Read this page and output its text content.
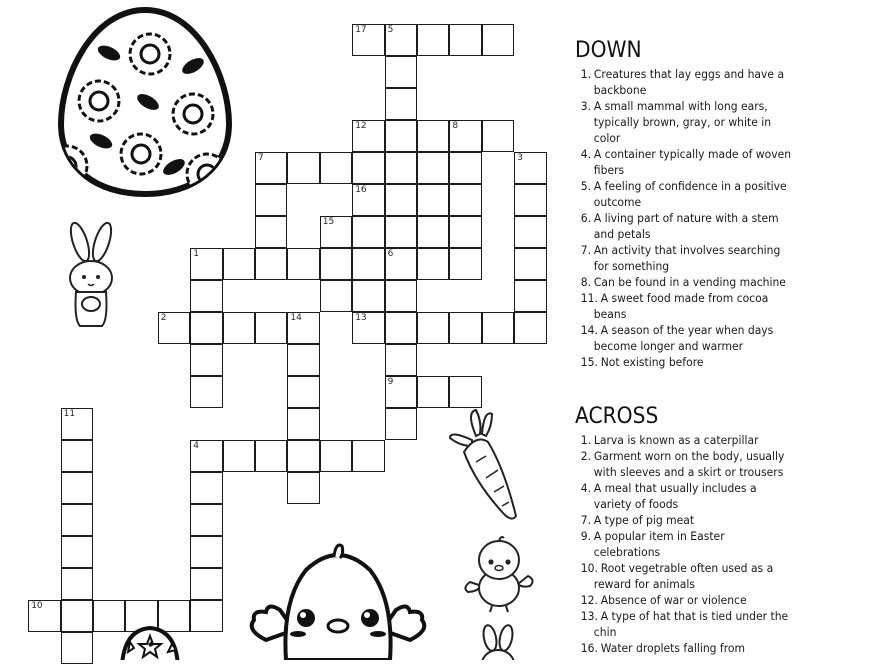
17 5
12	8
7	3
16
15
1	6
2	14	13
9
11
4
10
DOWN
1. Creatures that lay eggs and have a backbone
3. A small mammal with long ears, typically brown, gray, or white in color
4. A container typically made of woven fibers
5. A feeling of confidence in a positive outcome
6. A living part of nature with a stem and petals
7. An activity that involves searching for something
8. Can be found in a vending machine
11. A sweet food made from cocoa beans
14. A season of the year when days become longer and warmer
15. Not existing before
ACROSS
1. Larva is known as a caterpillar
2. Garment worn on the body, usually with sleeves and a skirt or trousers
4. A meal that usually includes a variety of foods
7. A type of pig meat
9. A popular item in Easter celebrations
10. Root vegetrable often used as a reward for animals
12. Absence of war or violence
13. A type of hat that is tied under the chin
16. Water droplets falling from
